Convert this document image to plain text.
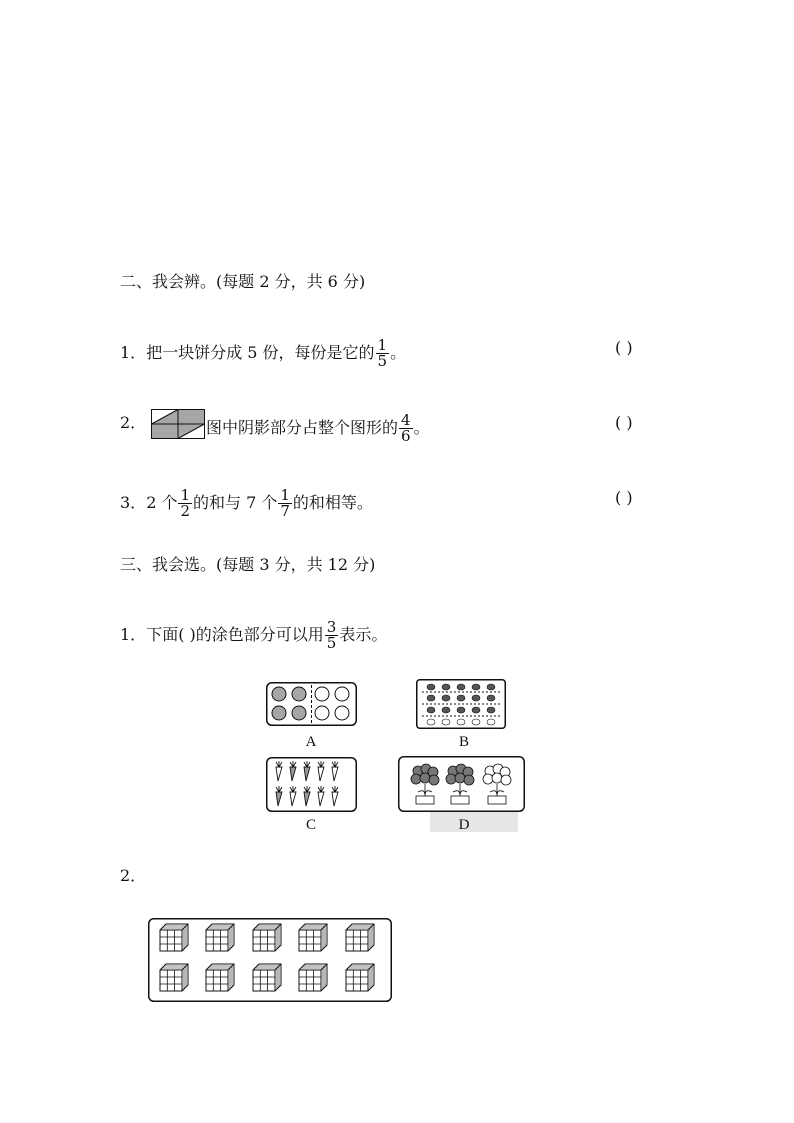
二、我会辨。(每题 2 分，共 6 分)
1．把一块饼分成 5 份，每份是它的 $\frac{1}{5}$ 。	( )
2．	图中阴影部分占整个图形的 $\frac{4}{6}$ 。	( )
3．2 个 $\frac{1}{2}$ 的和与 7 个 $\frac{1}{7}$ 的和相等。	( )
三、我会选。(每题 3 分，共 12 分)
1．下面( )的涂色部分可以用 $\frac{3}{5}$ 表示。
A	B
C	D
2．
